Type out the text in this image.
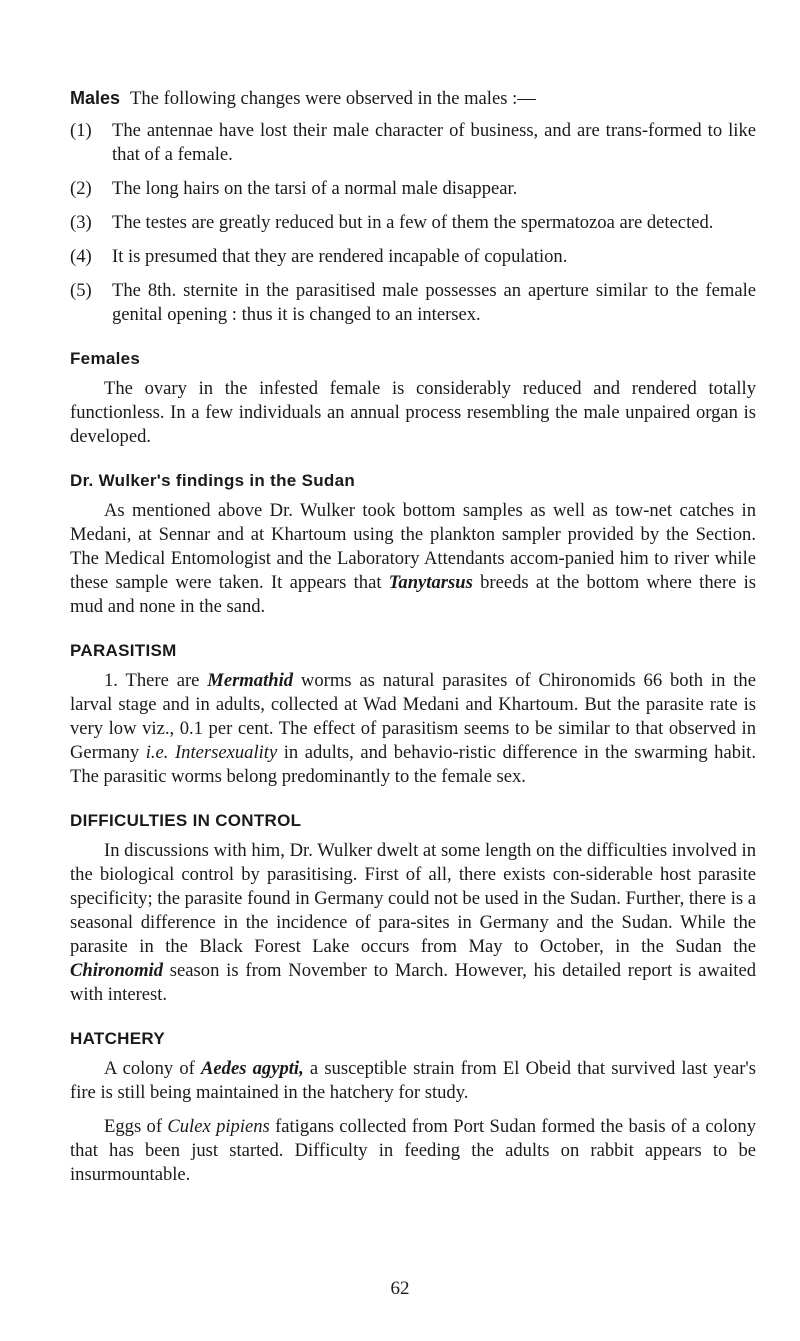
Males The following changes were observed in the males :—

(1)	The antennae have lost their male character of business, and are trans-formed to like that of a female.
(2)	The long hairs on the tarsi of a normal male disappear.
(3)	The testes are greatly reduced but in a few of them the spermatozoa are detected.
(4)	It is presumed that they are rendered incapable of copulation.
(5)	The 8th. sternite in the parasitised male possesses an aperture similar to the female genital opening : thus it is changed to an intersex.
Females

The ovary in the infested female is considerably reduced and rendered totally functionless. In a few individuals an annual process resembling the male unpaired organ is developed.

Dr. Wulker's findings in the Sudan

As mentioned above Dr. Wulker took bottom samples as well as tow-net catches in Medani, at Sennar and at Khartoum using the plankton sampler provided by the Section. The Medical Entomologist and the Laboratory Attendants accom-panied him to river while these sample were taken. It appears that Tanytarsus breeds at the bottom where there is mud and none in the sand.

PARASITISM

1. There are Mermathid worms as natural parasites of Chironomids 66 both in the larval stage and in adults, collected at Wad Medani and Khartoum. But the parasite rate is very low viz., 0.1 per cent. The effect of parasitism seems to be similar to that observed in Germany i.e. Intersexuality in adults, and behavio-ristic difference in the swarming habit. The parasitic worms belong predominantly to the female sex.

DIFFICULTIES IN CONTROL

In discussions with him, Dr. Wulker dwelt at some length on the difficulties involved in the biological control by parasitising. First of all, there exists con-siderable host parasite specificity; the parasite found in Germany could not be used in the Sudan. Further, there is a seasonal difference in the incidence of para-sites in Germany and the Sudan. While the parasite in the Black Forest Lake occurs from May to October, in the Sudan the Chironomid season is from November to March. However, his detailed report is awaited with interest.

HATCHERY

A colony of Aedes agypti, a susceptible strain from El Obeid that survived last year's fire is still being maintained in the hatchery for study.

Eggs of Culex pipiens fatigans collected from Port Sudan formed the basis of a colony that has been just started. Difficulty in feeding the adults on rabbit appears to be insurmountable.

62
